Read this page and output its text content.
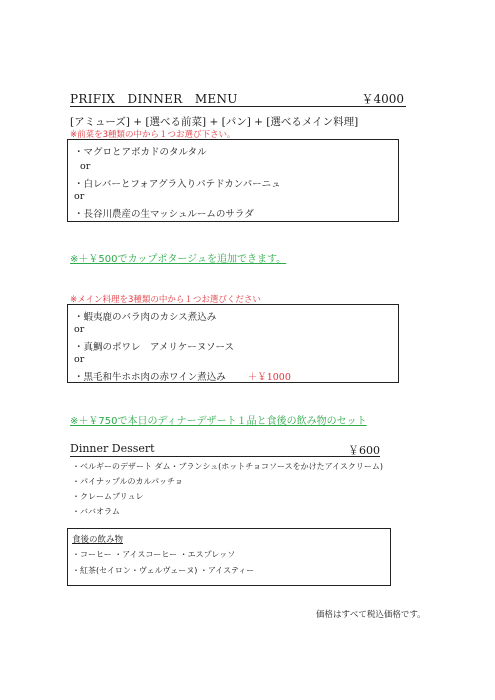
PRIFIX　DINNER　MENU	￥4000
[アミューズ] + [選べる前菜] + [パン] + [選べるメイン料理]
※前菜を3種類の中から１つお選び下さい。
・マグロとアボカドのタルタル
or
・白レバーとフォアグラ入りパテドカンパーニュ
or
・長谷川農産の生マッシュルームのサラダ
※＋￥500でカップポタージュを追加できます。
※メイン料理を3種類の中から１つお選びください
・蝦夷鹿のバラ肉のカシス煮込み
or
・真鯛のポワレ　アメリケーヌソース
or
・黒毛和牛ホホ肉の赤ワイン煮込み ＋￥1000
※＋￥750で本日のディナーデザート１品と食後の飲み物のセット
Dinner Dessert	￥600
・ベルギーのデザート ダム・ブランシュ(ホットチョコソースをかけたアイスクリーム)
・パイナップルのカルパッチョ
・クレームブリュレ
・ババオラム
食後の飲み物
・コーヒー ・アイスコーヒー ・エスプレッソ
・紅茶(セイロン・ヴェルヴェーヌ) ・アイスティー
価格はすべて税込価格です。
